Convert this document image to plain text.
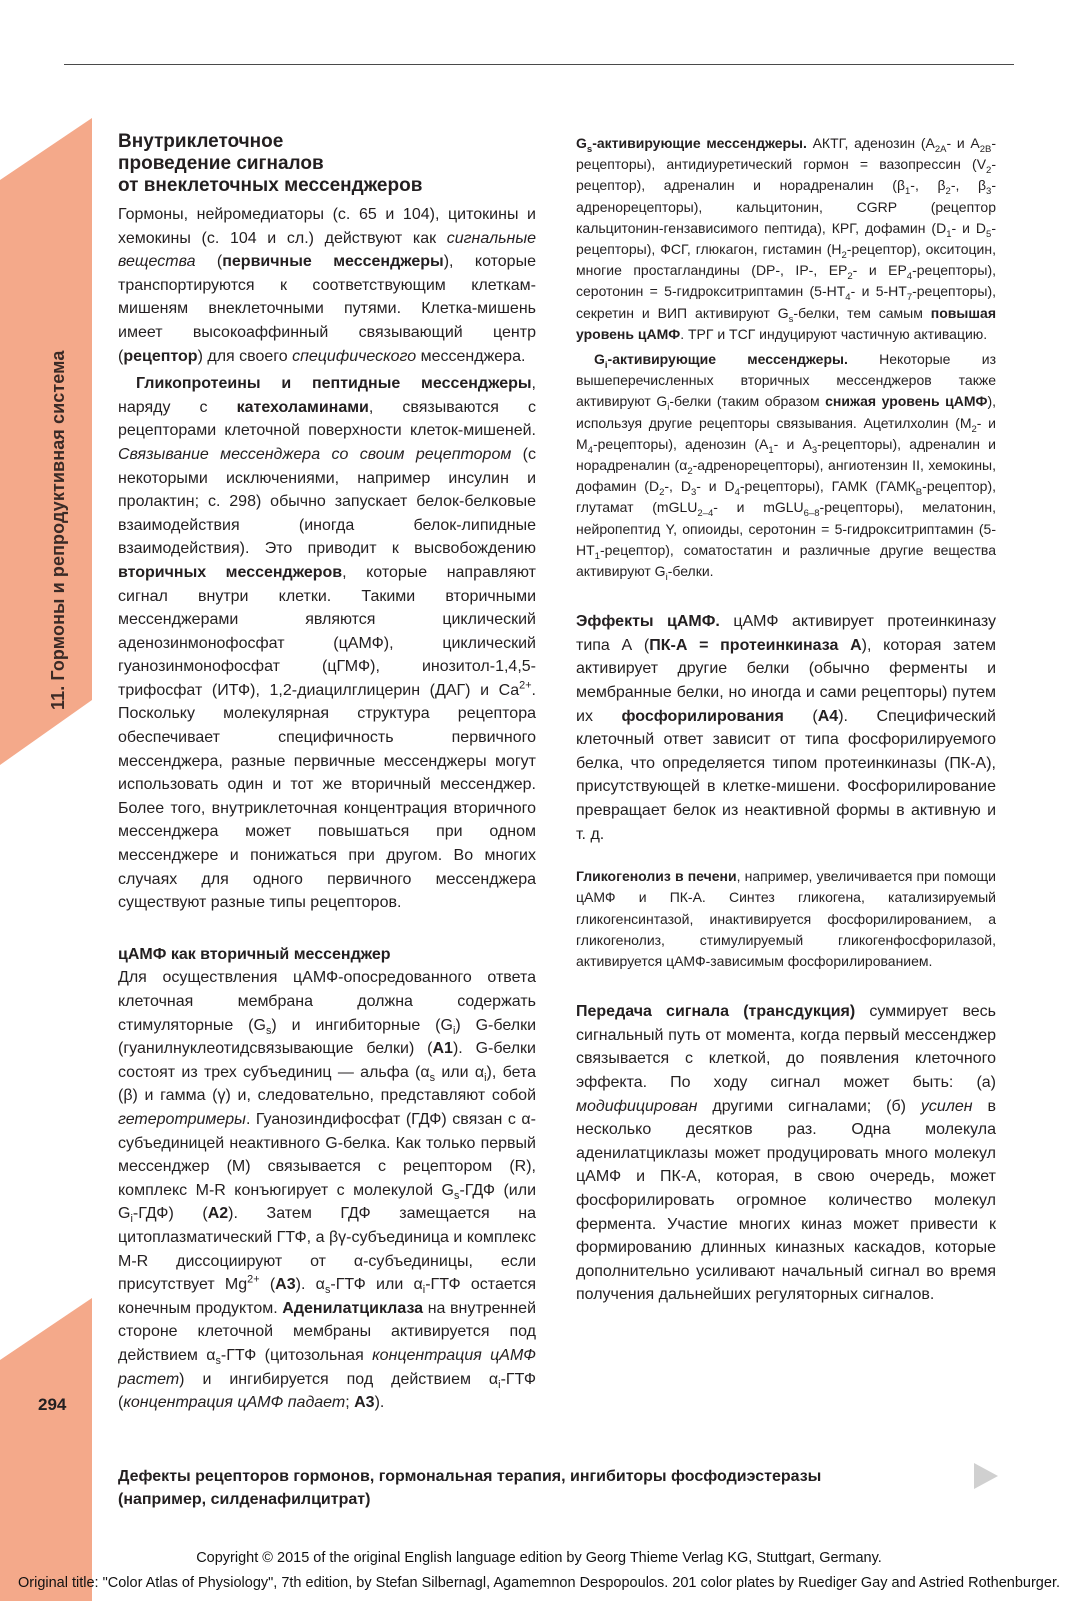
11. Гормоны и репродуктивная система
294
Внутриклеточное
проведение сигналов
от внеклеточных мессенджеров

Гормоны, нейромедиаторы (с. 65 и 104), цитокины и хемокины (с. 104 и сл.) действуют как сигнальные вещества (первичные мессенджеры), которые транспортируются к соответствующим клеткам-мишеням внеклеточными путями. Клетка-мишень имеет высокоаффинный связывающий центр (рецептор) для своего специфического мессенджера.

Гликопротеины и пептидные мессенджеры, наряду с катехоламинами, связываются с рецепторами клеточной поверхности клеток-мишеней. Связывание мессенджера со своим рецептором (с некоторыми исключениями, например инсулин и пролактин; с. 298) обычно запускает белок-белковые взаимодействия (иногда белок-липидные взаимодействия). Это приводит к высвобождению вторичных мессенджеров, которые направляют сигнал внутри клетки. Такими вторичными мессенджерами являются циклический аденозинмонофосфат (цАМФ), циклический гуанозинмонофосфат (цГМФ), инозитол-1,4,5-трифосфат (ИТФ), 1,2-диацилглицерин (ДАГ) и $Ca^{2+}$. Поскольку молекулярная структура рецептора обеспечивает специфичность первичного мессенджера, разные первичные мессенджеры могут использовать один и тот же вторичный мессенджер. Более того, внутриклеточная концентрация вторичного мессенджера может повышаться при одном мессенджере и понижаться при другом. Во многих случаях для одного первичного мессенджера существуют разные типы рецепторов.

цАМФ как вторичный мессенджер

Для осуществления цАМФ-опосредованного ответа клеточная мембрана должна содержать стимуляторные $(G_s)$ и ингибиторные $(G_i)$ G-белки (гуанилнуклеотидсвязывающие белки) (A1). G-белки состоят из трех субъединиц — альфа ($\alpha_s$ или $\alpha_i$), бета (β) и гамма (γ) и, следовательно, представляют собой гетеротримеры. Гуанозиндифосфат (ГДФ) связан с α-субъединицей неактивного G-белка. Как только первый мессенджер (M) связывается с рецептором (R), комплекс M-R конъюгирует с молекулой $G_s$-ГДФ (или $G_i-ГДФ$) (A2). Затем ГДФ замещается на цитоплазматический ГТФ, а βγ-субъединица и комплекс M-R диссоциируют от α-субъединицы, если присутствует $Mg^{2+}$ (A3). $\alpha_s$-ГТФ или $\alpha_i$-ГТФ остается конечным продуктом. Аденилатциклаза на внутренней стороне клеточной мембраны активируется под действием $\alpha_s$-ГТФ (цитозольная концентрация цАМФ растет) и ингибируется под действием $\alpha_i$-ГТФ (концентрация цАМФ падает; A3).

$G_s$-активирующие мессенджеры. АКТГ, аденозин ($A_{2A}-$ и $A_{2B}-рецепторы$), антидиуретический гормон = вазопрессин $(V_2-рецептор)$, адреналин и норадреналин ($\beta_1-$, $\beta_2-$, $\beta_3-адренорецепторы$), кальцитонин, CGRP (рецептор кальцитонин-гензависимого пептида), КРГ, дофамин ($D_1-$ и $D_5-рецепторы$), ФСГ, глюкагон, гистамин $(H_2-рецептор)$, окситоцин, многие простагландины (DP-, IP-, $EP_2-$ и $EP_4-рецепторы$), серотонин = 5-гидрокситриптамин ($5-HT_4-$ и $5-HT_7-рецепторы$), секретин и ВИП активируют $G_s$-белки, тем самым повышая уровень цАМФ. ТРГ и ТСГ индуцируют частичную активацию.

$G_i$-активирующие мессенджеры. Некоторые из вышеперечисленных вторичных мессенджеров также активируют $G_i$-белки (таким образом снижая уровень цАМФ), используя другие рецепторы связывания. Ацетилхолин ($M_2-$ и $M_4-рецепторы$), аденозин ($A_1-$ и $A_3-рецепторы$), адреналин и норадреналин $(\alpha_2-адренорецепторы)$, ангиотензин II, хемокины, дофамин ($D_2-$, $D_3-$ и $D_4-рецепторы$), ГАМК $(ГАМК_B-рецептор)$, глутамат (mGLU$_{2-4}$- и mGLU$_{6-8}$-рецепторы), мелатонин, нейропептид Y, опиоиды, серотонин = 5-гидрокситриптамин $(5-HT_1-рецептор)$, соматостатин и различные другие вещества активируют $G_i$-белки.

Эффекты цАМФ. цАМФ активирует протеинкиназу типа А (ПК-А = протеинкиназа А), которая затем активирует другие белки (обычно ферменты и мембранные белки, но иногда и сами рецепторы) путем их фосфорилирования (A4). Специфический клеточный ответ зависит от типа фосфорилируемого белка, что определяется типом протеинкиназы (ПК-А), присутствующей в клетке-мишени. Фосфорилирование превращает белок из неактивной формы в активную и т. д.

Гликогенолиз в печени, например, увеличивается при помощи цАМФ и ПК-А. Синтез гликогена, катализируемый гликогенсинтазой, инактивируется фосфорилированием, а гликогенолиз, стимулируемый гликогенфосфорилазой, активируется цАМФ-зависимым фосфорилированием.

Передача сигнала (трансдукция) суммирует весь сигнальный путь от момента, когда первый мессенджер связывается с клеткой, до появления клеточного эффекта. По ходу сигнал может быть: (а) модифицирован другими сигналами; (б) усилен в несколько десятков раз. Одна молекула аденилатциклазы может продуцировать много молекул цАМФ и ПК-А, которая, в свою очередь, может фосфорилировать огромное количество молекул фермента. Участие многих киназ может привести к формированию длинных киназных каскадов, которые дополнительно усиливают начальный сигнал во время получения дальнейших регуляторных сигналов.

Дефекты рецепторов гормонов, гормональная терапия, ингибиторы фосфодиэстеразы
(например, силденафилцитрат)
Copyright © 2015 of the original English language edition by Georg Thieme Verlag KG, Stuttgart, Germany.
Original title: "Color Atlas of Physiology", 7th edition, by Stefan Silbernagl, Agamemnon Despopoulos. 201 color plates by Ruediger Gay and Astried Rothenburger.
